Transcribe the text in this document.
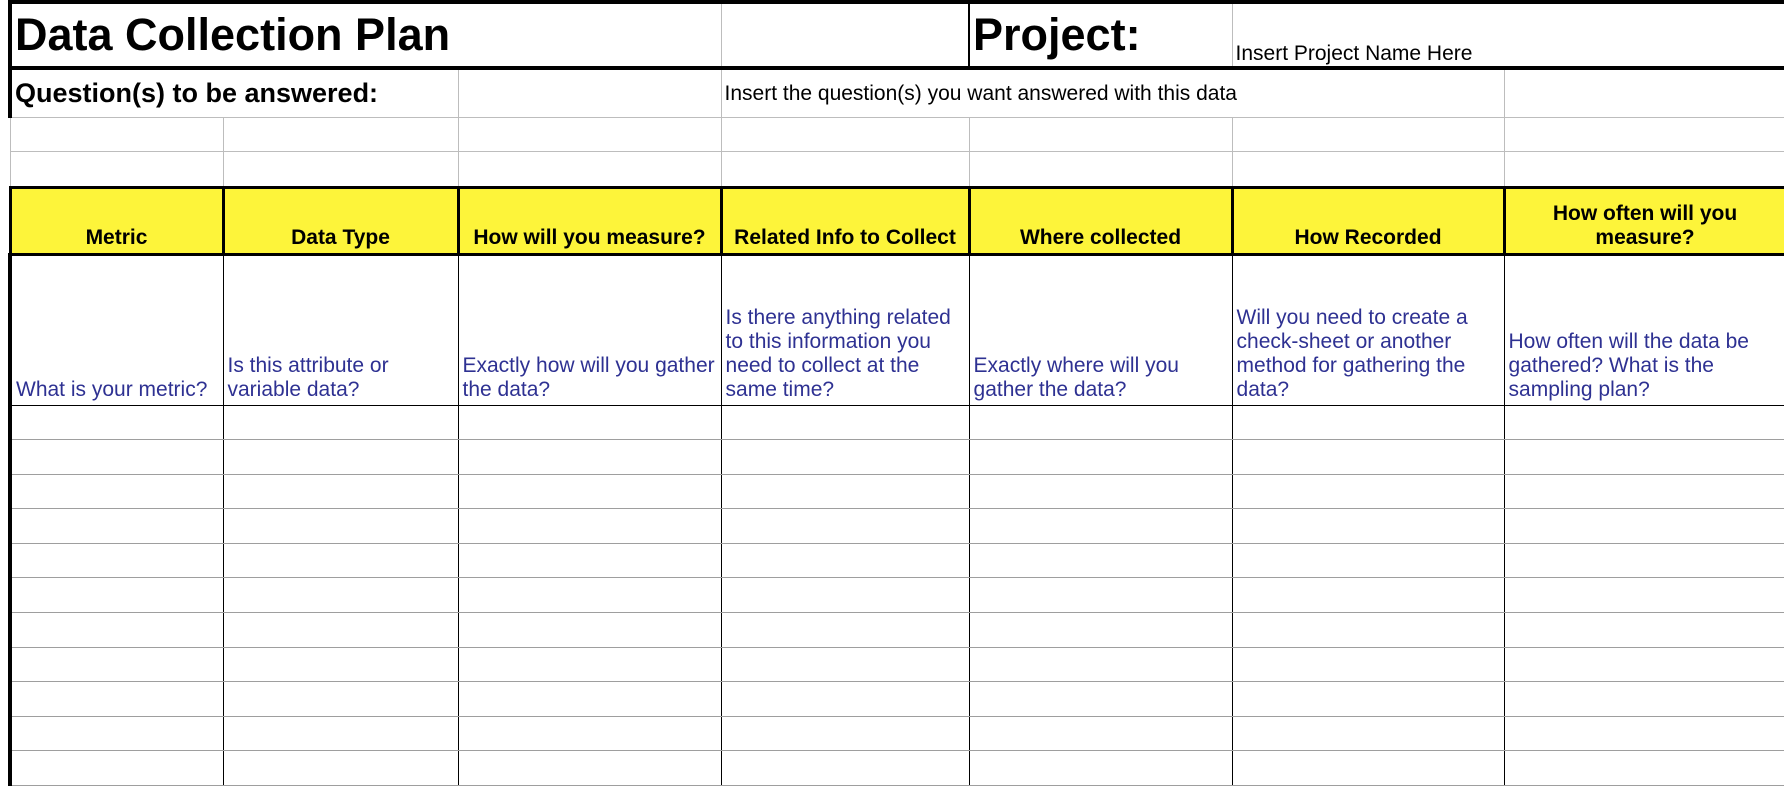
Data Collection Plan				Project:	Insert Project Name Here	
Question(s) to be answered:			Insert the question(s) you want answered with this data			

Metric	Data Type	How will you measure?	Related Info to Collect	Where collected	How Recorded	How often will you measure?
What is your metric?	Is this attribute or variable data?	Exactly how will you gather the data?	Is there anything related to this information you need to collect at the same time?	Exactly where will you gather the data?	Will you need to create a check-sheet or another method for gathering the data?	How often will the data be gathered? What is the sampling plan?
